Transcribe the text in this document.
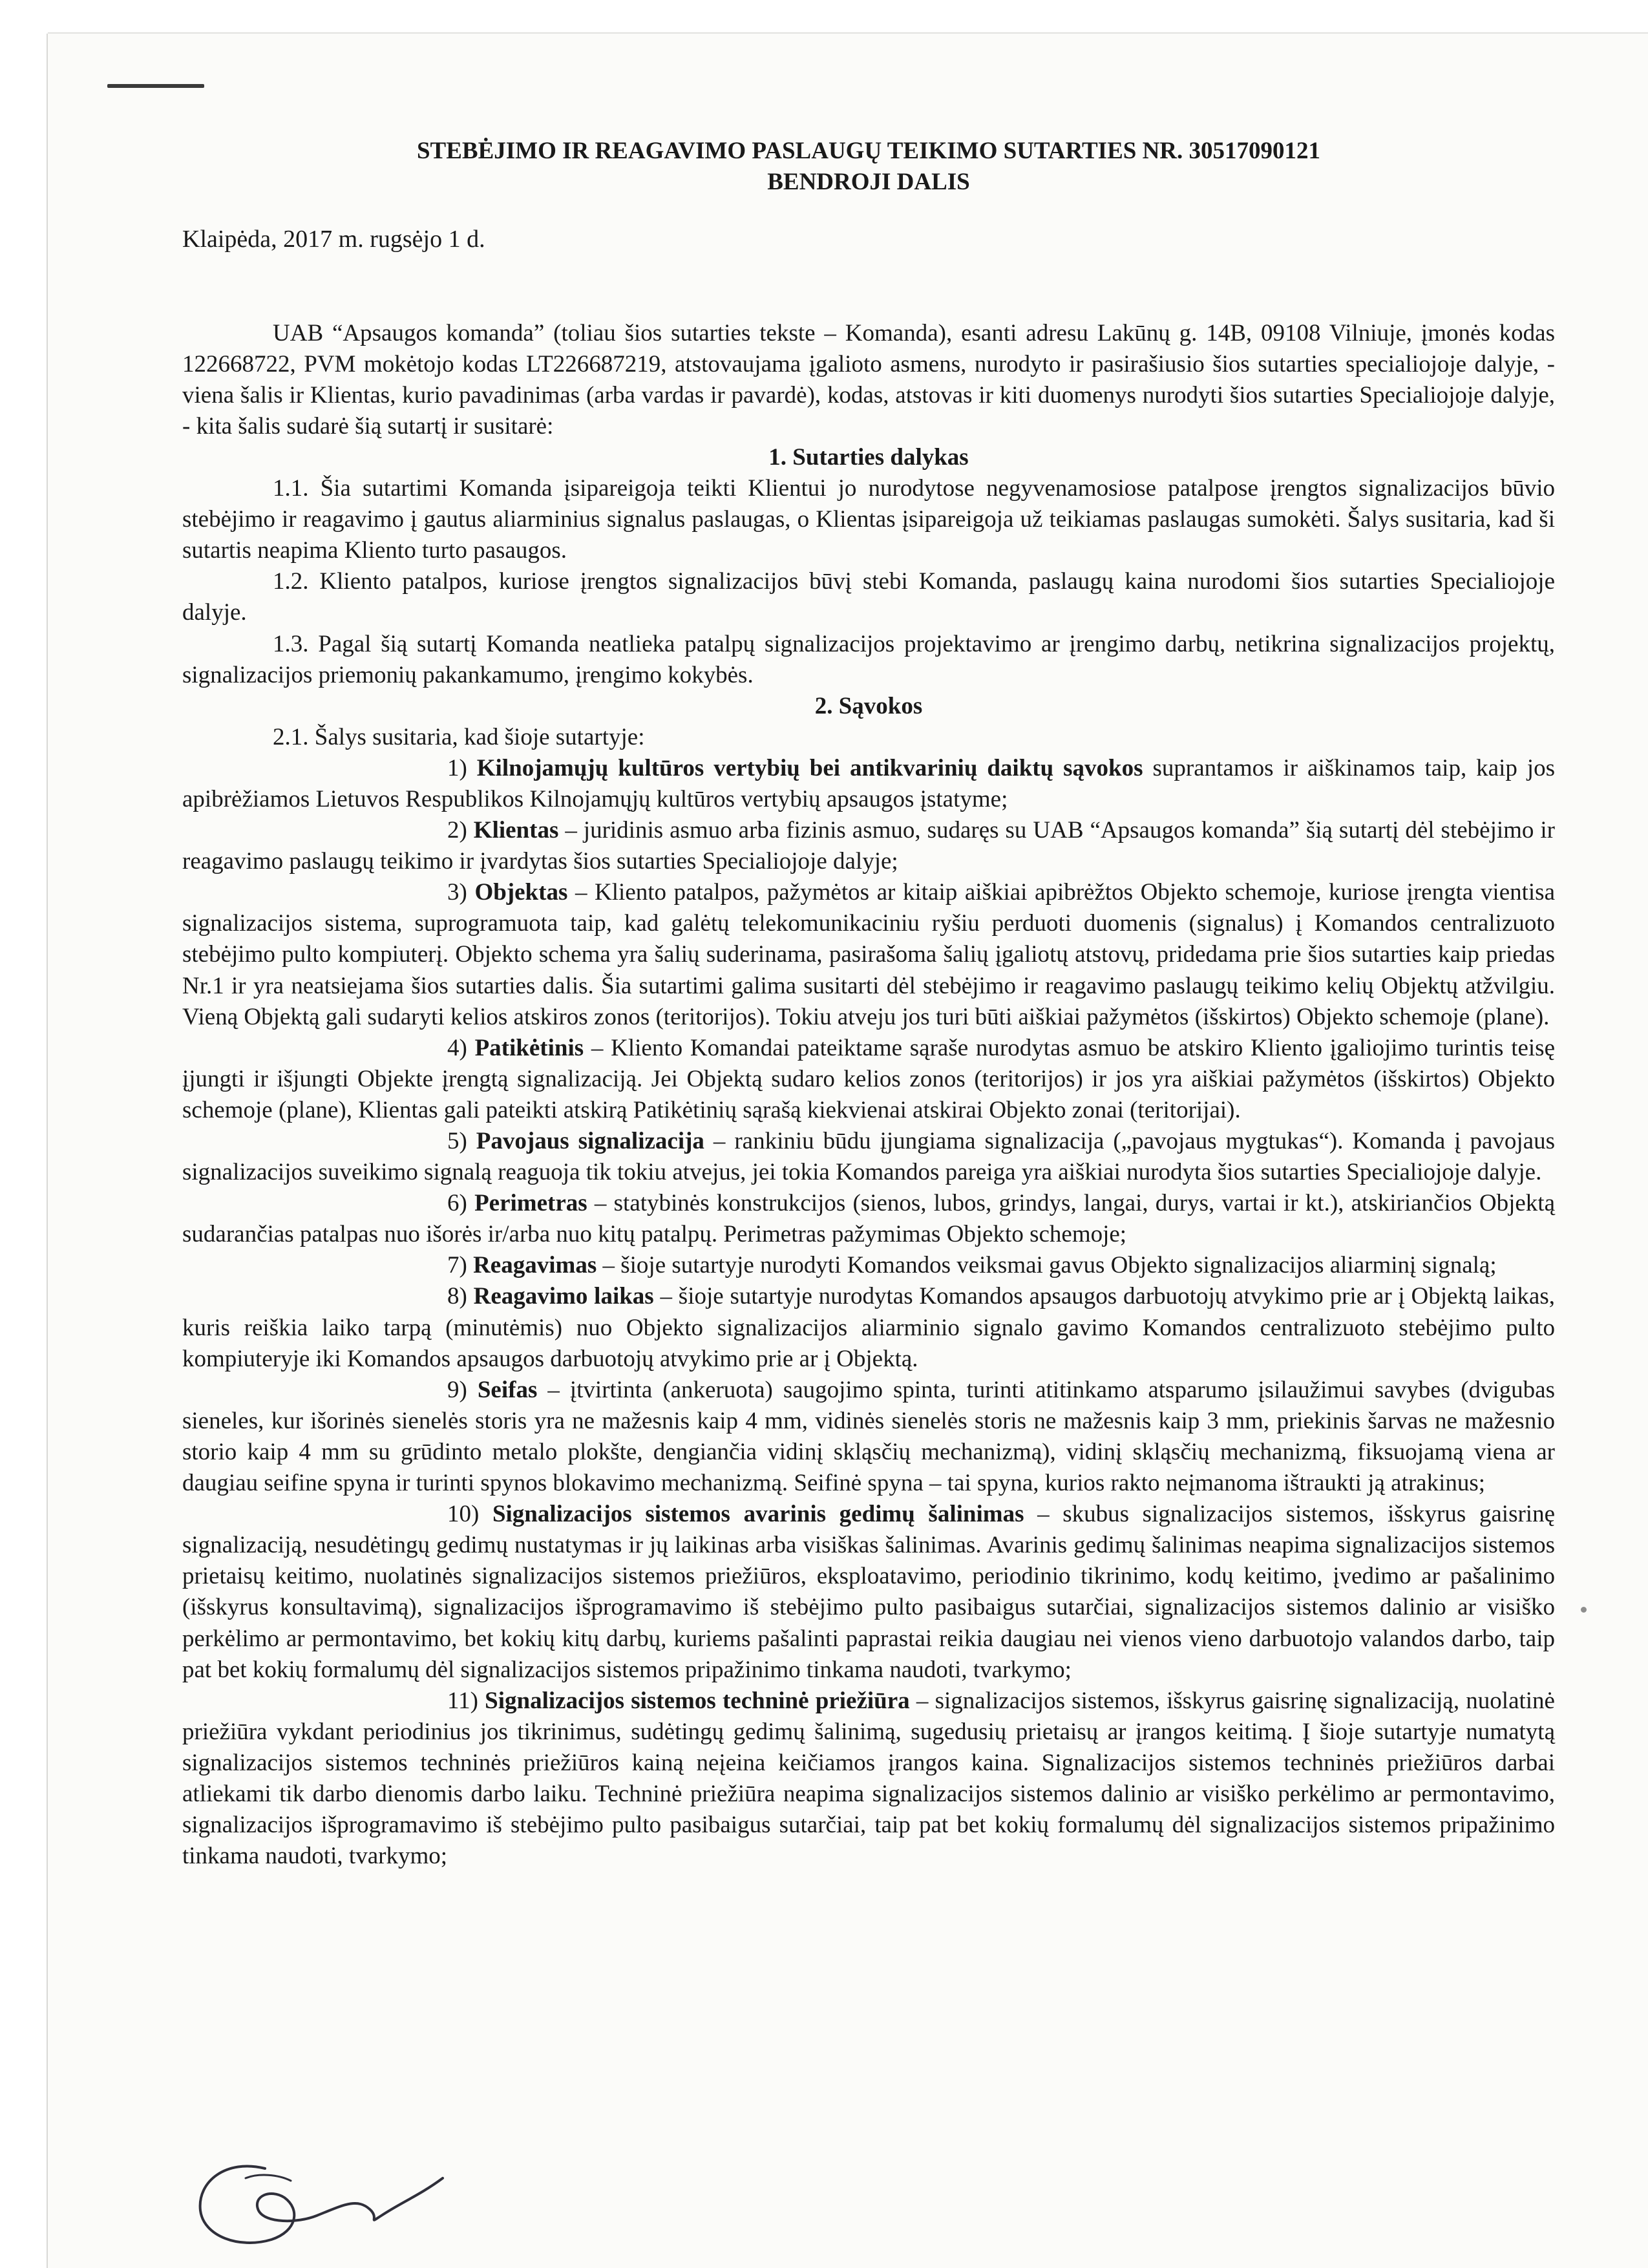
STEBĖJIMO IR REAGAVIMO PASLAUGŲ TEIKIMO SUTARTIES NR. 30517090121
BENDROJI DALIS
Klaipėda, 2017 m. rugsėjo 1 d.

UAB “Apsaugos komanda” (toliau šios sutarties tekste – Komanda), esanti adresu Lakūnų g. 14B, 09108 Vilniuje, įmonės kodas 122668722, PVM mokėtojo kodas LT226687219, atstovaujama įgalioto asmens, nurodyto ir pasirašiusio šios sutarties specialiojoje dalyje, - viena šalis ir Klientas, kurio pavadinimas (arba vardas ir pavardė), kodas, atstovas ir kiti duomenys nurodyti šios sutarties Specialiojoje dalyje, - kita šalis sudarė šią sutartį ir susitarė:

1. Sutarties dalykas

1.1. Šia sutartimi Komanda įsipareigoja teikti Klientui jo nurodytose negyvenamosiose patalpose įrengtos signalizacijos būvio stebėjimo ir reagavimo į gautus aliarminius signalus paslaugas, o Klientas įsipareigoja už teikiamas paslaugas sumokėti. Šalys susitaria, kad ši sutartis neapima Kliento turto pasaugos.

1.2. Kliento patalpos, kuriose įrengtos signalizacijos būvį stebi Komanda, paslaugų kaina nurodomi šios sutarties Specialiojoje dalyje.

1.3. Pagal šią sutartį Komanda neatlieka patalpų signalizacijos projektavimo ar įrengimo darbų, netikrina signalizacijos projektų, signalizacijos priemonių pakankamumo, įrengimo kokybės.

2. Sąvokos

2.1. Šalys susitaria, kad šioje sutartyje:

1) Kilnojamųjų kultūros vertybių bei antikvarinių daiktų sąvokos suprantamos ir aiškinamos taip, kaip jos apibrėžiamos Lietuvos Respublikos Kilnojamųjų kultūros vertybių apsaugos įstatyme;

2) Klientas – juridinis asmuo arba fizinis asmuo, sudaręs su UAB “Apsaugos komanda” šią sutartį dėl stebėjimo ir reagavimo paslaugų teikimo ir įvardytas šios sutarties Specialiojoje dalyje;

3) Objektas – Kliento patalpos, pažymėtos ar kitaip aiškiai apibrėžtos Objekto schemoje, kuriose įrengta vientisa signalizacijos sistema, suprogramuota taip, kad galėtų telekomunikaciniu ryšiu perduoti duomenis (signalus) į Komandos centralizuoto stebėjimo pulto kompiuterį. Objekto schema yra šalių suderinama, pasirašoma šalių įgaliotų atstovų, pridedama prie šios sutarties kaip priedas Nr.1 ir yra neatsiejama šios sutarties dalis. Šia sutartimi galima susitarti dėl stebėjimo ir reagavimo paslaugų teikimo kelių Objektų atžvilgiu. Vieną Objektą gali sudaryti kelios atskiros zonos (teritorijos). Tokiu atveju jos turi būti aiškiai pažymėtos (išskirtos) Objekto schemoje (plane).

4) Patikėtinis – Kliento Komandai pateiktame sąraše nurodytas asmuo be atskiro Kliento įgaliojimo turintis teisę įjungti ir išjungti Objekte įrengtą signalizaciją. Jei Objektą sudaro kelios zonos (teritorijos) ir jos yra aiškiai pažymėtos (išskirtos) Objekto schemoje (plane), Klientas gali pateikti atskirą Patikėtinių sąrašą kiekvienai atskirai Objekto zonai (teritorijai).

5) Pavojaus signalizacija – rankiniu būdu įjungiama signalizacija („pavojaus mygtukas“). Komanda į pavojaus signalizacijos suveikimo signalą reaguoja tik tokiu atvejus, jei tokia Komandos pareiga yra aiškiai nurodyta šios sutarties Specialiojoje dalyje.

6) Perimetras – statybinės konstrukcijos (sienos, lubos, grindys, langai, durys, vartai ir kt.), atskiriančios Objektą sudarančias patalpas nuo išorės ir/arba nuo kitų patalpų. Perimetras pažymimas Objekto schemoje;

7) Reagavimas – šioje sutartyje nurodyti Komandos veiksmai gavus Objekto signalizacijos aliarminį signalą;

8) Reagavimo laikas – šioje sutartyje nurodytas Komandos apsaugos darbuotojų atvykimo prie ar į Objektą laikas, kuris reiškia laiko tarpą (minutėmis) nuo Objekto signalizacijos aliarminio signalo gavimo Komandos centralizuoto stebėjimo pulto kompiuteryje iki Komandos apsaugos darbuotojų atvykimo prie ar į Objektą.

9) Seifas – įtvirtinta (ankeruota) saugojimo spinta, turinti atitinkamo atsparumo įsilaužimui savybes (dvigubas sieneles, kur išorinės sienelės storis yra ne mažesnis kaip 4 mm, vidinės sienelės storis ne mažesnis kaip 3 mm, priekinis šarvas ne mažesnio storio kaip 4 mm su grūdinto metalo plokšte, dengiančia vidinį skląsčių mechanizmą), vidinį skląsčių mechanizmą, fiksuojamą viena ar daugiau seifine spyna ir turinti spynos blokavimo mechanizmą. Seifinė spyna – tai spyna, kurios rakto neįmanoma ištraukti ją atrakinus;

10) Signalizacijos sistemos avarinis gedimų šalinimas – skubus signalizacijos sistemos, išskyrus gaisrinę signalizaciją, nesudėtingų gedimų nustatymas ir jų laikinas arba visiškas šalinimas. Avarinis gedimų šalinimas neapima signalizacijos sistemos prietaisų keitimo, nuolatinės signalizacijos sistemos priežiūros, eksploatavimo, periodinio tikrinimo, kodų keitimo, įvedimo ar pašalinimo (išskyrus konsultavimą), signalizacijos išprogramavimo iš stebėjimo pulto pasibaigus sutarčiai, signalizacijos sistemos dalinio ar visiško perkėlimo ar permontavimo, bet kokių kitų darbų, kuriems pašalinti paprastai reikia daugiau nei vienos vieno darbuotojo valandos darbo, taip pat bet kokių formalumų dėl signalizacijos sistemos pripažinimo tinkama naudoti, tvarkymo;

11) Signalizacijos sistemos techninė priežiūra – signalizacijos sistemos, išskyrus gaisrinę signalizaciją, nuolatinė priežiūra vykdant periodinius jos tikrinimus, sudėtingų gedimų šalinimą, sugedusių prietaisų ar įrangos keitimą. Į šioje sutartyje numatytą signalizacijos sistemos techninės priežiūros kainą neįeina keičiamos įrangos kaina. Signalizacijos sistemos techninės priežiūros darbai atliekami tik darbo dienomis darbo laiku. Techninė priežiūra neapima signalizacijos sistemos dalinio ar visiško perkėlimo ar permontavimo, signalizacijos išprogramavimo iš stebėjimo pulto pasibaigus sutarčiai, taip pat bet kokių formalumų dėl signalizacijos sistemos pripažinimo tinkama naudoti, tvarkymo;
